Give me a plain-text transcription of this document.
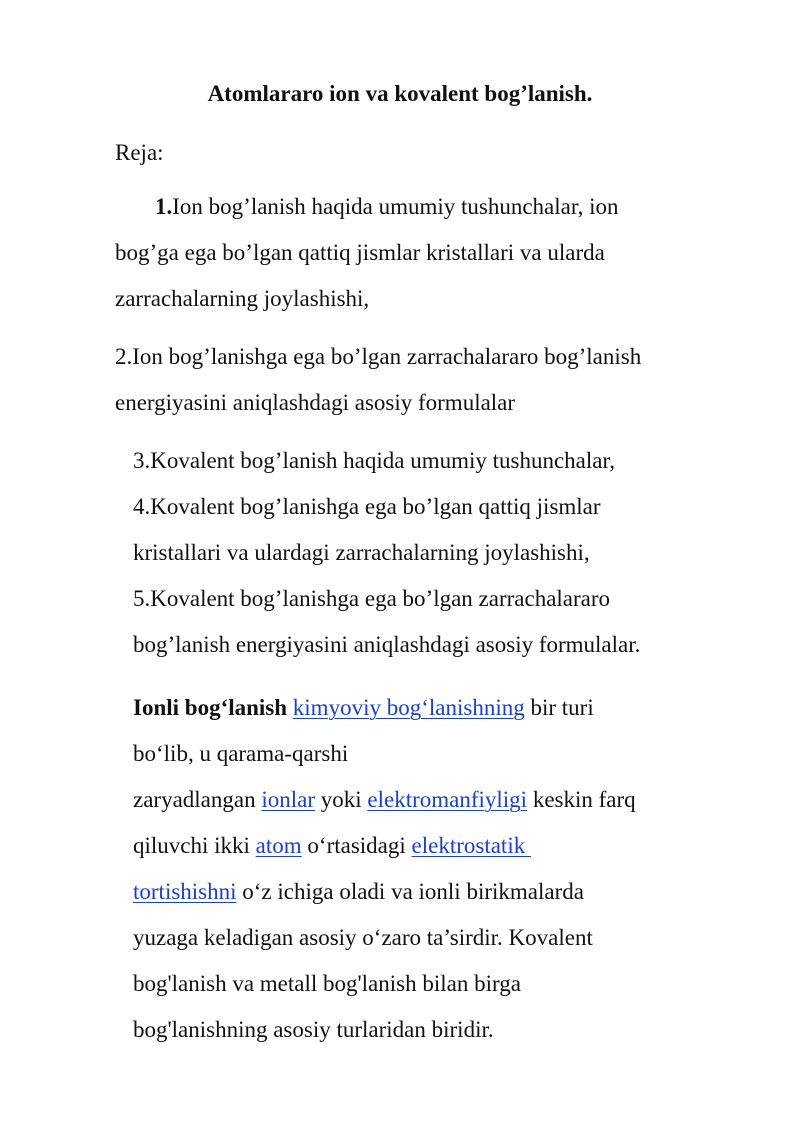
Atomlararo ion va kovalent bog’lanish.
Reja:
1.Ion bog’lanish haqida umumiy tushunchalar, ion
bog’ga ega bo’lgan qattiq jismlar kristallari va ularda
zarrachalarning joylashishi,
2.Ion bog’lanishga ega bo’lgan zarrachalararo bog’lanish
energiyasini aniqlashdagi asosiy formulalar
3.Kovalent bog’lanish haqida umumiy tushunchalar,
4.Kovalent bog’lanishga ega bo’lgan qattiq jismlar
kristallari va ulardagi zarrachalarning joylashishi,
5.Kovalent bog’lanishga ega bo’lgan zarrachalararo
bog’lanish energiyasini aniqlashdagi asosiy formulalar.
Ionli bog‘lanish kimyoviy bog‘lanishning bir turi
bo‘lib, u qarama-qarshi
zaryadlangan ionlar yoki elektromanfiyligi keskin farq
qiluvchi ikki atom o‘rtasidagi elektrostatik
tortishishni o‘z ichiga oladi va ionli birikmalarda
yuzaga keladigan asosiy o‘zaro ta’sirdir. Kovalent
bog'lanish va metall bog'lanish bilan birga
bog'lanishning asosiy turlaridan biridir.
